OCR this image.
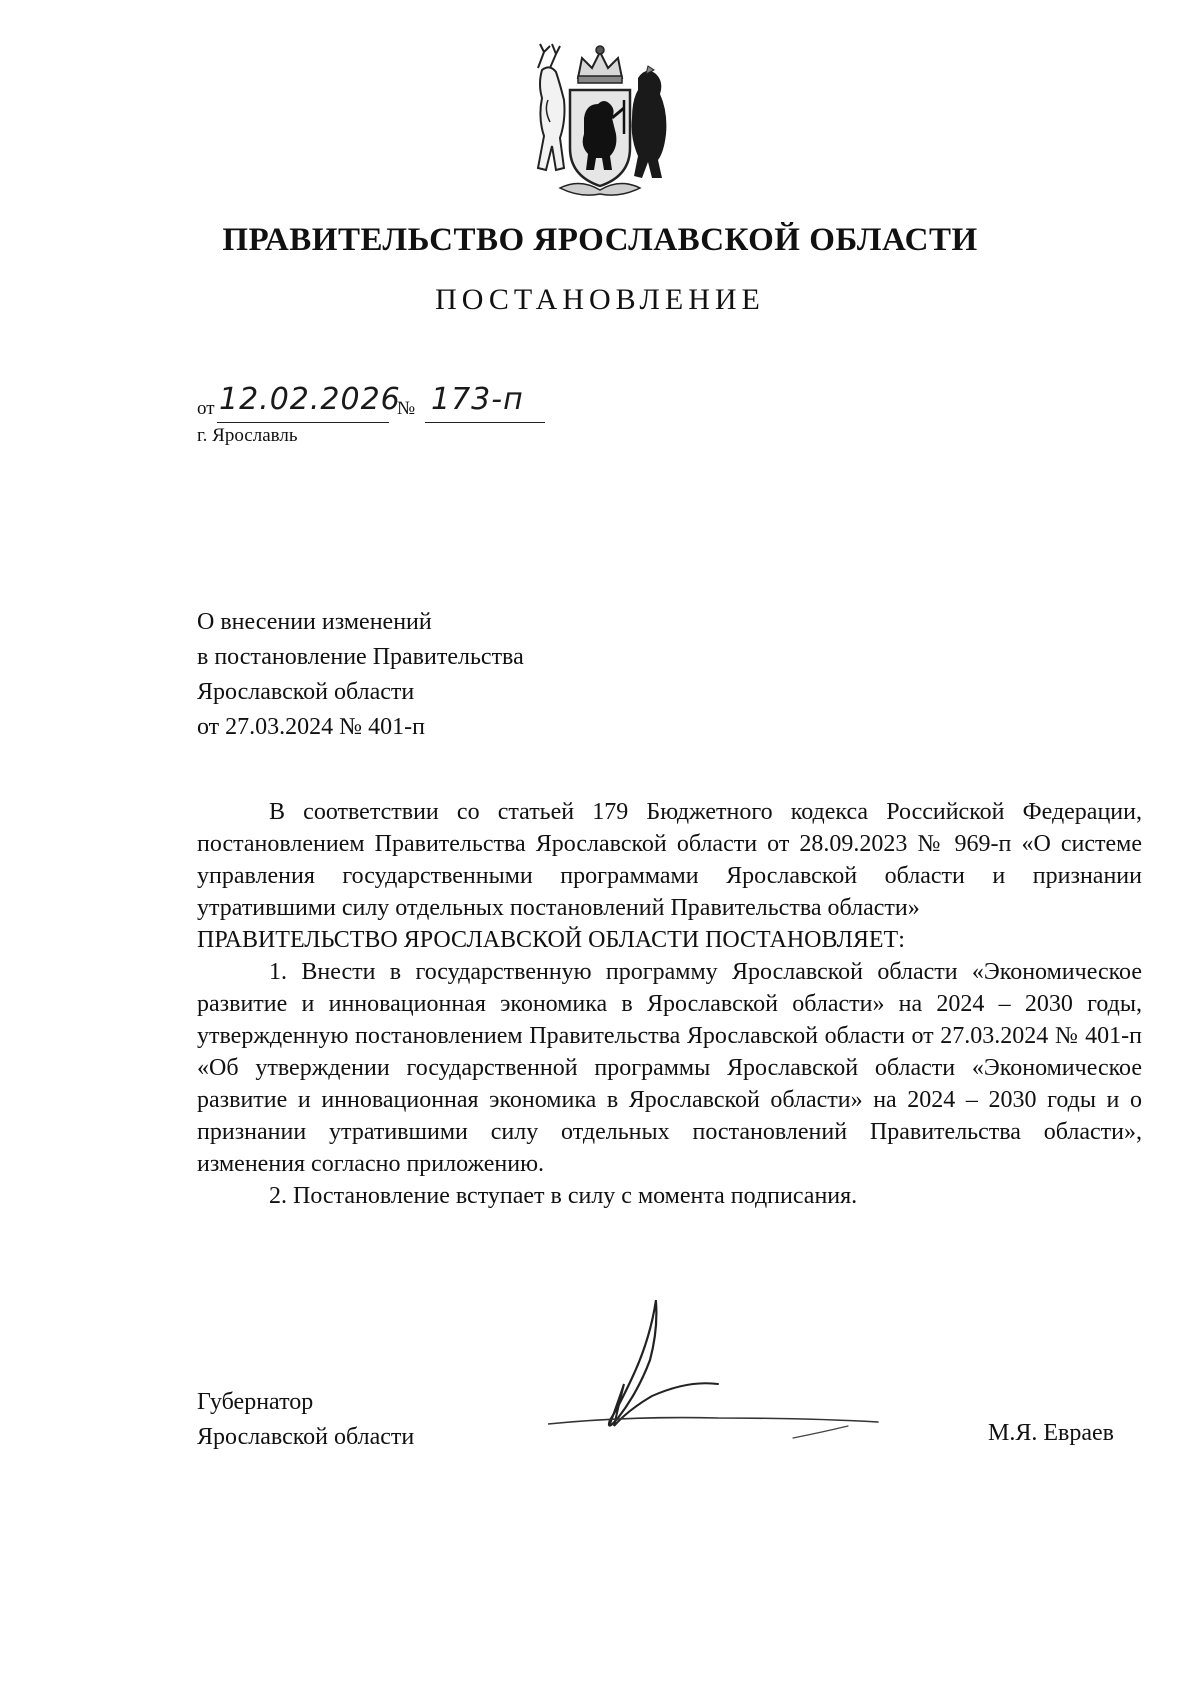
ПРАВИТЕЛЬСТВО ЯРОСЛАВСКОЙ ОБЛАСТИ
ПОСТАНОВЛЕНИЕ
от 12.02.2026
№ 173-п
г. Ярославль
О внесении изменений
в постановление Правительства
Ярославской области
от 27.03.2024 № 401-п

В соответствии со статьей 179 Бюджетного кодекса Российской Федерации, постановлением Правительства Ярославской области от 28.09.2023 № 969-п «О системе управления государственными программами Ярославской области и признании утратившими силу отдельных постановлений Правительства области»

ПРАВИТЕЛЬСТВО ЯРОСЛАВСКОЙ ОБЛАСТИ ПОСТАНОВЛЯЕТ:

1. Внести в государственную программу Ярославской области «Экономическое развитие и инновационная экономика в Ярославской области» на 2024 – 2030 годы, утвержденную постановлением Правительства Ярославской области от 27.03.2024 № 401-п «Об утверждении государственной программы Ярославской области «Экономическое развитие и инновационная экономика в Ярославской области» на 2024 – 2030 годы и о признании утратившими силу отдельных постановлений Правительства области», изменения согласно приложению.

2. Постановление вступает в силу с момента подписания.

Губернатор
Ярославской области	М.Я. Евраев
